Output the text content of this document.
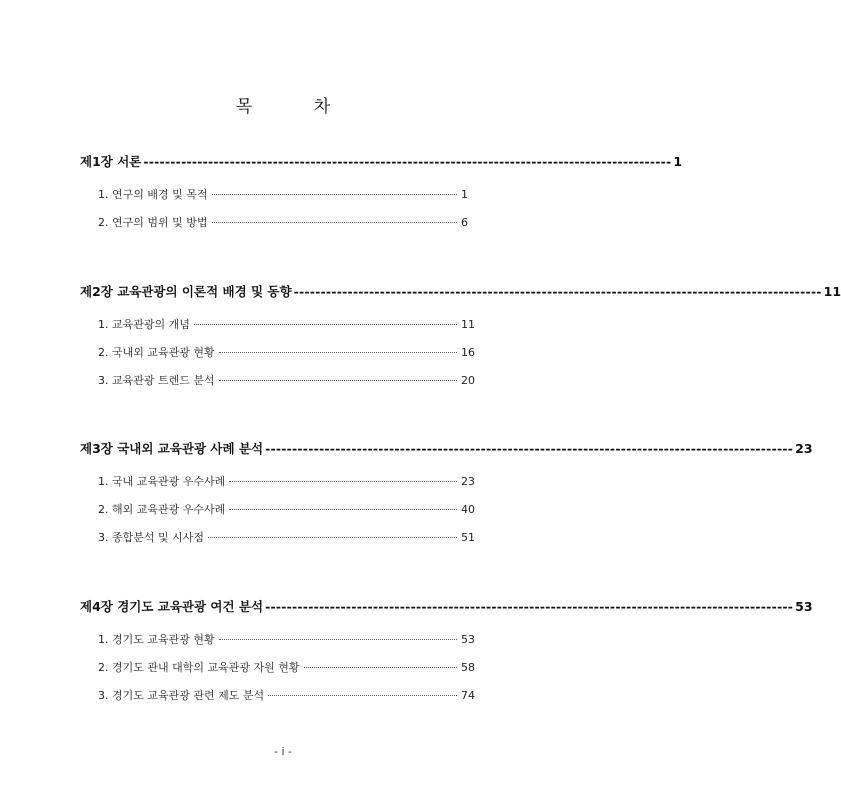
목 차
제1장 서론 -------------------------------------------------------------------------------------------------- 1
1. 연구의 배경 및 목적	1
2. 연구의 범위 및 방법	6
제2장 교육관광의 이론적 배경 및 동향 -------------------------------------------------------------------------------------------------- 11
1. 교육관광의 개념	11
2. 국내외 교육관광 현황	16
3. 교육관광 트렌드 분석	20
제3장 국내외 교육관광 사례 분석 -------------------------------------------------------------------------------------------------- 23
1. 국내 교육관광 우수사례	23
2. 해외 교육관광 우수사례	40
3. 종합분석 및 시사점	51
제4장 경기도 교육관광 여건 분석 -------------------------------------------------------------------------------------------------- 53
1. 경기도 교육관광 현황	53
2. 경기도 관내 대학의 교육관광 자원 현황	58
3. 경기도 교육관광 관련 제도 분석	74
- i -
